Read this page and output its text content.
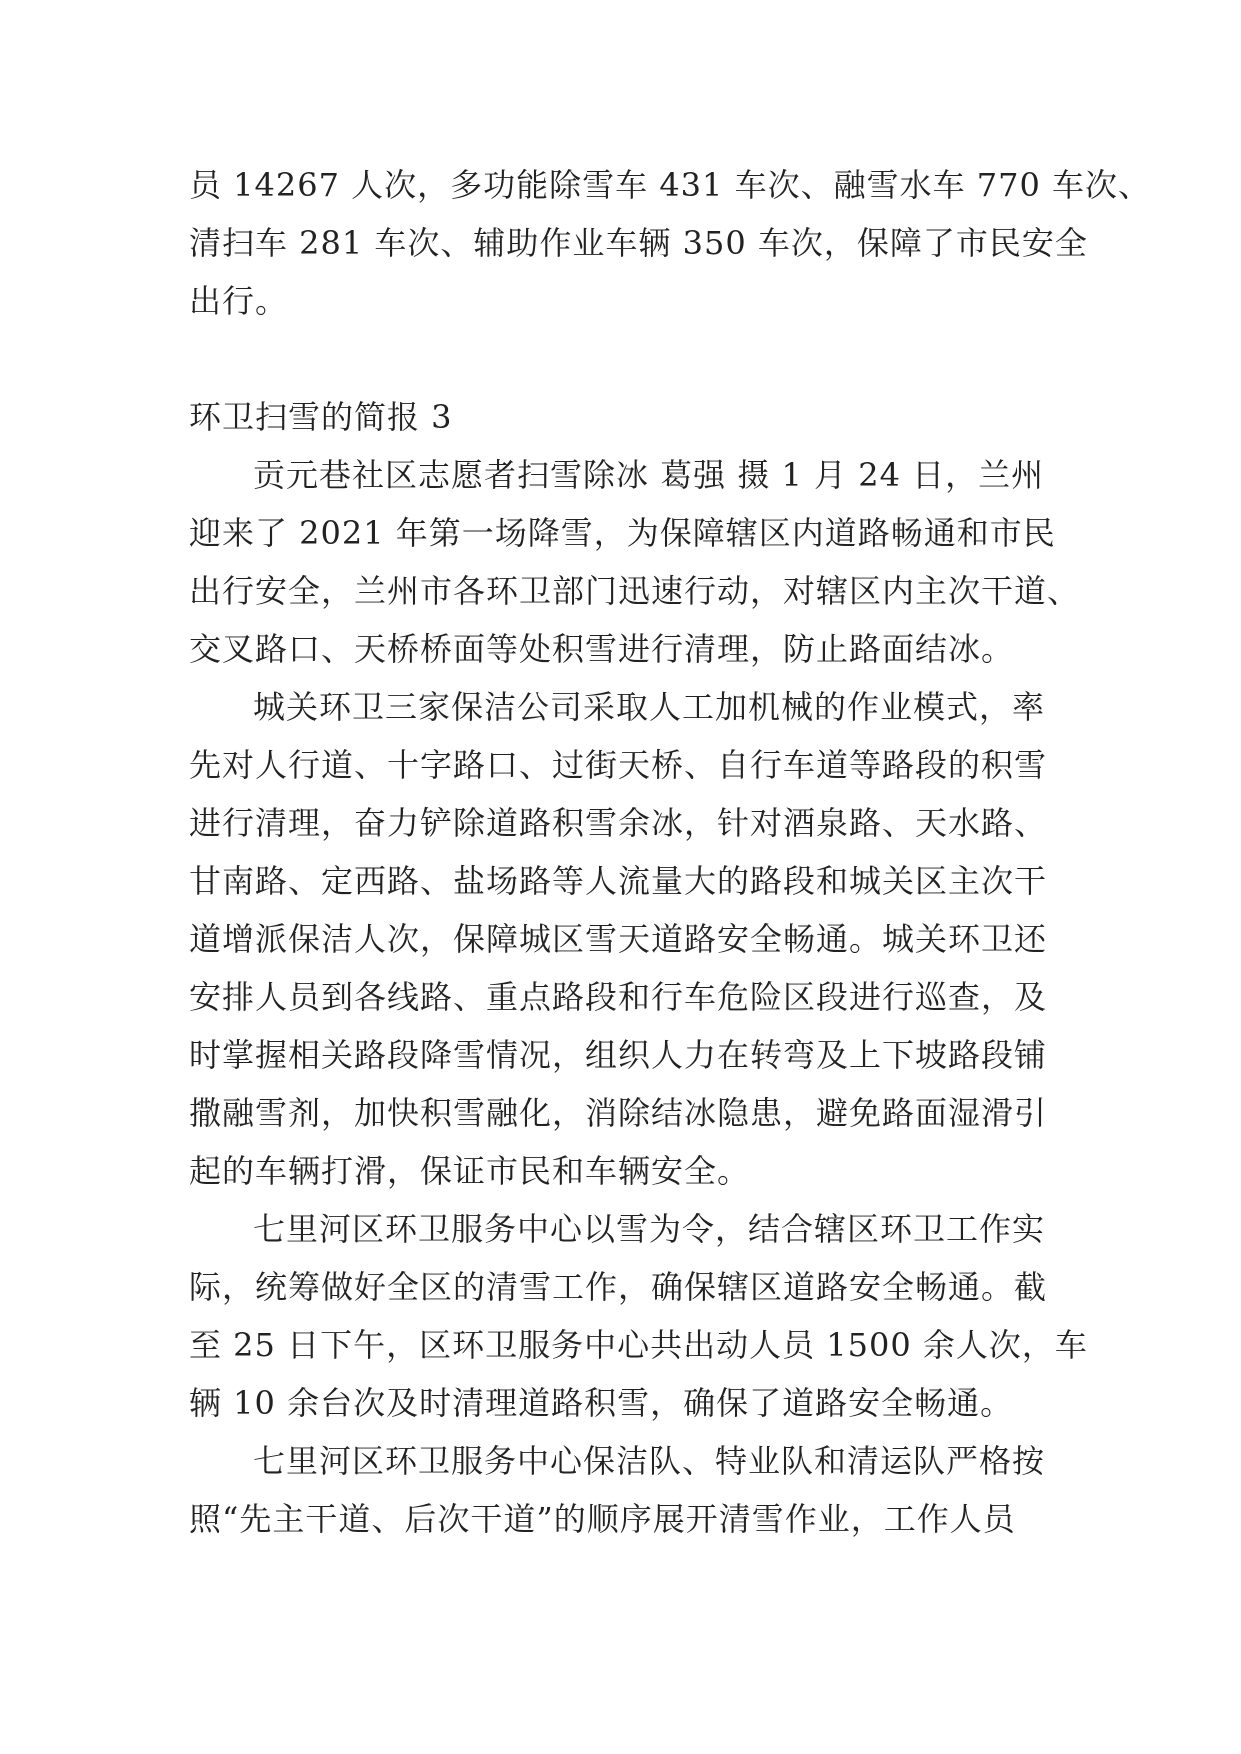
员 14267 人次，多功能除雪车 431 车次、融雪水车 770 车次、

清扫车 281 车次、辅助作业车辆 350 车次，保障了市民安全

出行。

环卫扫雪的简报 3

贡元巷社区志愿者扫雪除冰 葛强 摄 1 月 24 日，兰州

迎来了 2021 年第一场降雪，为保障辖区内道路畅通和市民

出行安全，兰州市各环卫部门迅速行动，对辖区内主次干道、

交叉路口、天桥桥面等处积雪进行清理，防止路面结冰。

城关环卫三家保洁公司采取人工加机械的作业模式，率

先对人行道、十字路口、过街天桥、自行车道等路段的积雪

进行清理，奋力铲除道路积雪余冰，针对酒泉路、天水路、

甘南路、定西路、盐场路等人流量大的路段和城关区主次干

道增派保洁人次，保障城区雪天道路安全畅通。城关环卫还

安排人员到各线路、重点路段和行车危险区段进行巡查，及

时掌握相关路段降雪情况，组织人力在转弯及上下坡路段铺

撒融雪剂，加快积雪融化，消除结冰隐患，避免路面湿滑引

起的车辆打滑，保证市民和车辆安全。

七里河区环卫服务中心以雪为令，结合辖区环卫工作实

际，统筹做好全区的清雪工作，确保辖区道路安全畅通。截

至 25 日下午，区环卫服务中心共出动人员 1500 余人次，车

辆 10 余台次及时清理道路积雪，确保了道路安全畅通。

七里河区环卫服务中心保洁队、特业队和清运队严格按

照“先主干道、后次干道”的顺序展开清雪作业，工作人员
